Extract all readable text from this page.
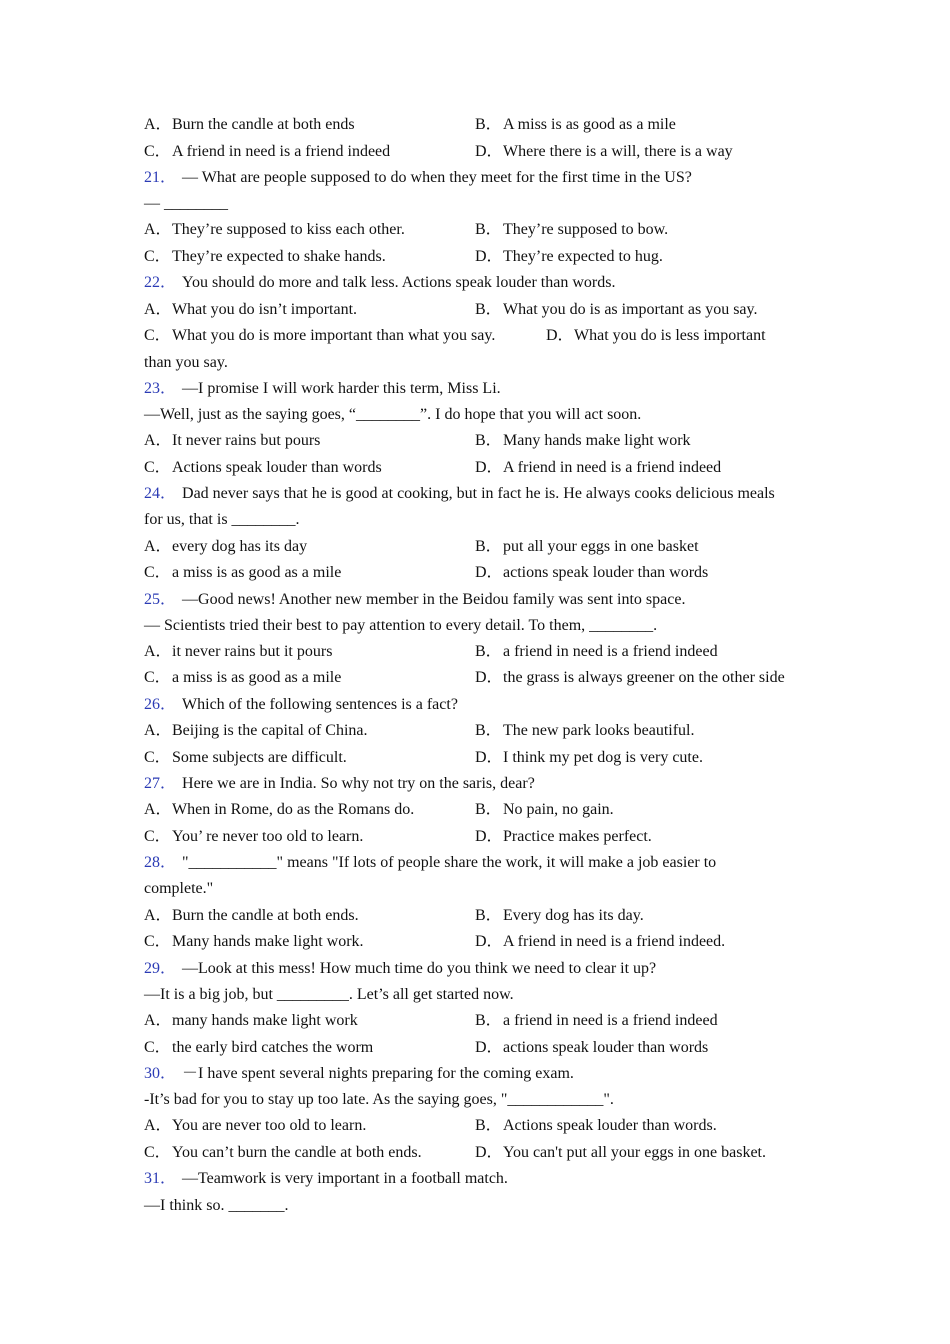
A．Burn the candle at both ends	B．A miss is as good as a mile
C．A friend in need is a friend indeed	D．Where there is a will, there is a way
21． — What are people supposed to do when they meet for the first time in the US?
— ________
A．They’re supposed to kiss each other.	B．They’re supposed to bow.
C．They’re expected to shake hands.	D．They’re expected to hug.
22． You should do more and talk less. Actions speak louder than words.
A．What you do isn’t important.	B．What you do is as important as you say.
C．What you do is more important than what you say.	D．What you do is less important
than you say.
23． —I promise I will work harder this term, Miss Li.
—Well, just as the saying goes, “________”. I do hope that you will act soon.
A．It never rains but pours	B．Many hands make light work
C．Actions speak louder than words	D．A friend in need is a friend indeed
24． Dad never says that he is good at cooking, but in fact he is. He always cooks delicious meals
for us, that is ________.
A．every dog has its day	B．put all your eggs in one basket
C．a miss is as good as a mile	D．actions speak louder than words
25． —Good news! Another new member in the Beidou family was sent into space.
— Scientists tried their best to pay attention to every detail. To them, ________.
A．it never rains but it pours	B．a friend in need is a friend indeed
C．a miss is as good as a mile	D．the grass is always greener on the other side
26． Which of the following sentences is a fact?
A．Beijing is the capital of China.	B．The new park looks beautiful.
C．Some subjects are difficult.	D．I think my pet dog is very cute.
27． Here we are in India. So why not try on the saris, dear?
A．When in Rome, do as the Romans do.	B．No pain, no gain.
C．You’ re never too old to learn.	D．Practice makes perfect.
28． "___________" means "If lots of people share the work, it will make a job easier to
complete."
A．Burn the candle at both ends.	B．Every dog has its day.
C．Many hands make light work.	D．A friend in need is a friend indeed.
29． —Look at this mess! How much time do you think we need to clear it up?
—It is a big job, but _________. Let’s all get started now.
A．many hands make light work	B．a friend in need is a friend indeed
C．the early bird catches the worm	D．actions speak louder than words
30． －I have spent several nights preparing for the coming exam.
-It’s bad for you to stay up too late. As the saying goes, "____________".
A．You are never too old to learn.	B．Actions speak louder than words.
C．You can’t burn the candle at both ends.	D．You can't put all your eggs in one basket.
31． —Teamwork is very important in a football match.
—I think so. _______.
